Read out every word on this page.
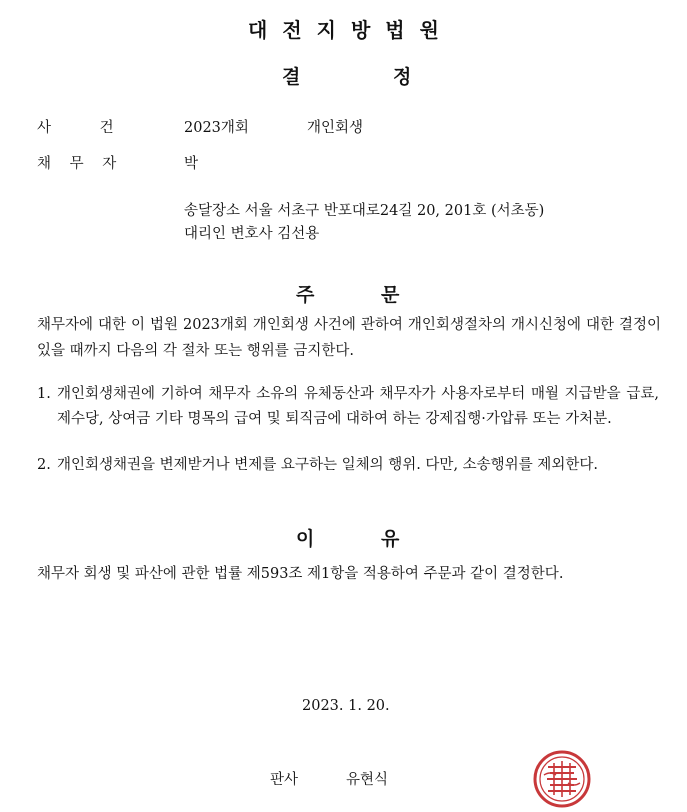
대전지방법원
결	정
사 건	2023개회	개인회생
채 무 자	박
송달장소 서울 서초구 반포대로24길 20, 201호 (서초동)
대리인 변호사 김선용
주	문
채무자에 대한 이 법원 2023개회 개인회생 사건에 관하여 개인회생절차의 개시신청에 대한 결정이 있을 때까지 다음의 각 절차 또는 행위를 금지한다.
1. 개인회생채권에 기하여 채무자 소유의 유체동산과 채무자가 사용자로부터 매월 지급받을 급료, 제수당, 상여금 기타 명목의 급여 및 퇴직금에 대하여 하는 강제집행·가압류 또는 가처분.
2. 개인회생채권을 변제받거나 변제를 요구하는 일체의 행위. 다만, 소송행위를 제외한다.
이	유
채무자 회생 및 파산에 관한 법률 제593조 제1항을 적용하여 주문과 같이 결정한다.
2023. 1. 20.
판사	유현식
